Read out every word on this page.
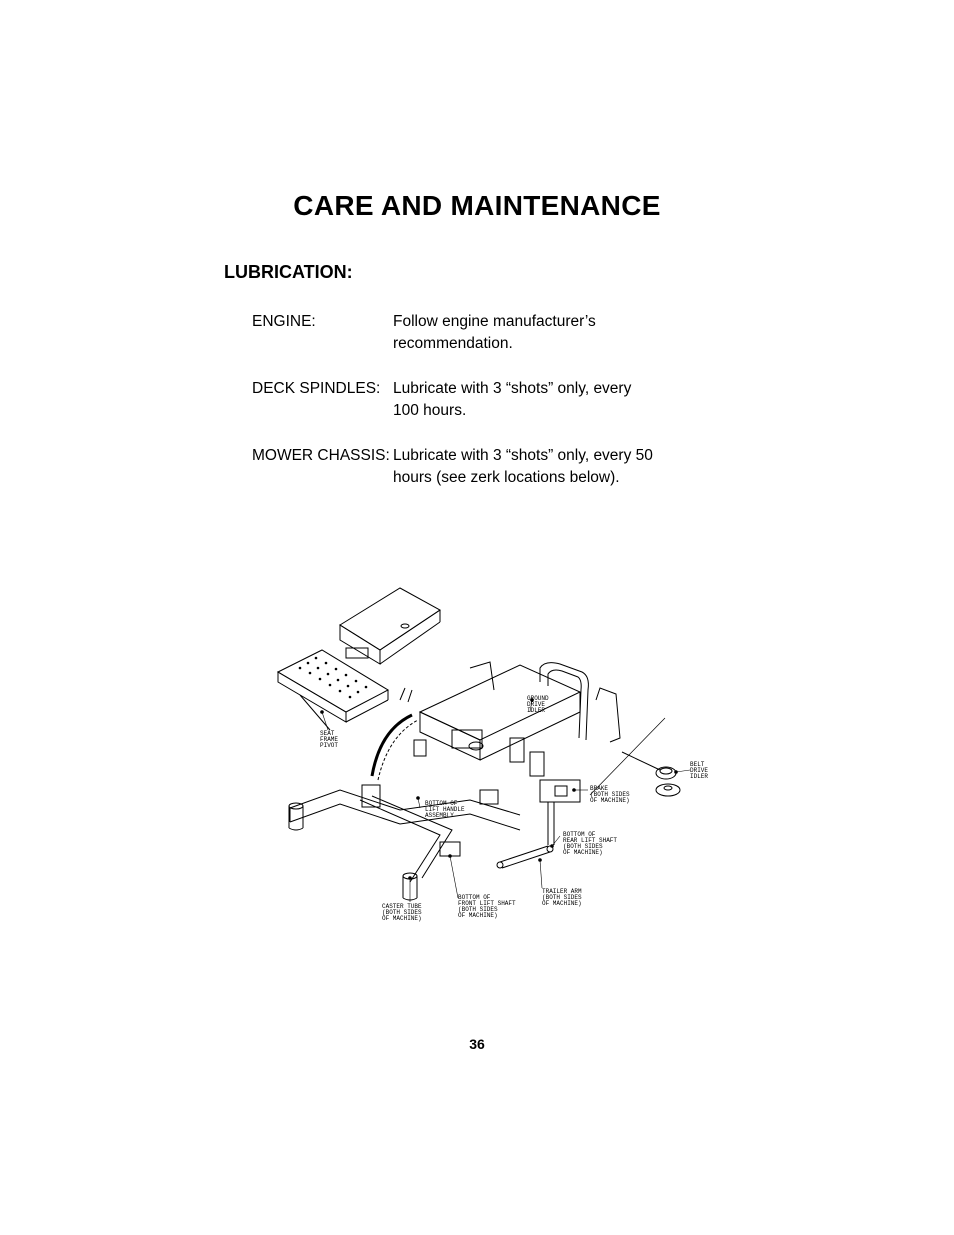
CARE AND MAINTENANCE
LUBRICATION:
ENGINE:	Follow engine manufacturer’s
recommendation.
DECK SPINDLES: Lubricate with 3 “shots” only, every
100 hours.
MOWER CHASSIS: Lubricate with 3 “shots” only, every 50
hours (see zerk locations below).
SEAT FRAME PIVOT
GROUND DRIVE IDLER
BELT DRIVE IDLER
BRAKE (BOTH SIDES OF MACHINE)
BOTTOM OF LIFT HANDLE ASSEMBLY
BOTTOM OF REAR LIFT SHAFT (BOTH SIDES OF MACHINE)
CASTER TUBE (BOTH SIDES OF MACHINE)
BOTTOM OF FRONT LIFT SHAFT (BOTH SIDES OF MACHINE)
TRAILER ARM (BOTH SIDES OF MACHINE)
36
